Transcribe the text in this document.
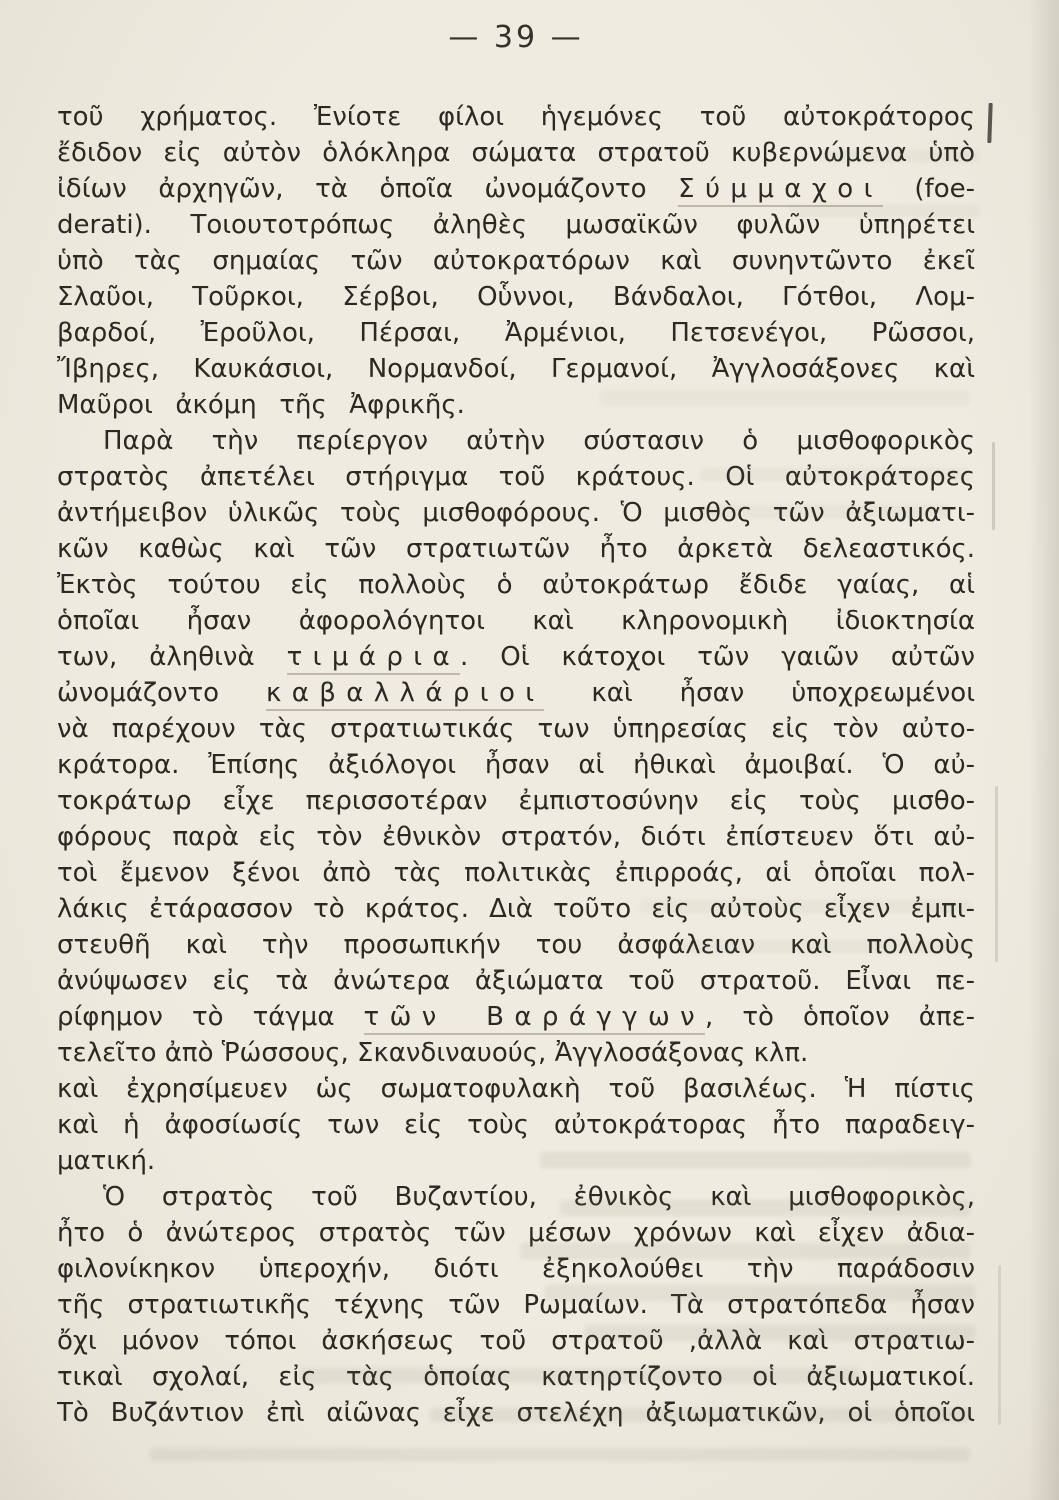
— 39 —
τοῦ χρήματος. Ἐνίοτε φίλοι ἡγεμόνες τοῦ αὐτοκράτορος
ἔδιδον εἰς αὐτὸν ὁλόκληρα σώματα στρατοῦ κυβερνώμενα ὑπὸ
ἰδίων ἀρχηγῶν, τὰ ὁποῖα ὠνομάζοντο Σύμμαχοι (foe-
derati). Τοιουτοτρόπως ἀληθὲς μωσαϊκῶν φυλῶν ὑπηρέτει
ὑπὸ τὰς σημαίας τῶν αὐτοκρατόρων καὶ συνηντῶντο ἐκεῖ
Σλαῦοι, Τοῦρκοι, Σέρβοι, Οὗννοι, Βάνδαλοι, Γότθοι, Λομ-
βαρδοί, Ἐροῦλοι, Πέρσαι, Ἀρμένιοι, Πετσενέγοι, Ρῶσσοι,
Ἴβηρες, Καυκάσιοι, Νορμανδοί, Γερμανοί, Ἀγγλοσάξονες καὶ
Μαῦροι ἀκόμη τῆς Ἀφρικῆς.
Παρὰ τὴν περίεργον αὐτὴν σύστασιν ὁ μισθοφορικὸς
στρατὸς ἀπετέλει στήριγμα τοῦ κράτους. Οἱ αὐτοκράτορες
ἀντήμειβον ὑλικῶς τοὺς μισθοφόρους. Ὁ μισθὸς τῶν ἀξιωματι-
κῶν καθὼς καὶ τῶν στρατιωτῶν ἦτο ἀρκετὰ δελεαστικός.
Ἐκτὸς τούτου εἰς πολλοὺς ὁ αὐτοκράτωρ ἔδιδε γαίας, αἱ
ὁποῖαι ἦσαν ἀφορολόγητοι καὶ κληρονομικὴ ἰδιοκτησία
των, ἀληθινὰ τιμάρια. Οἱ κάτοχοι τῶν γαιῶν αὐτῶν
ὠνομάζοντο καβαλλάριοι καὶ ἦσαν ὑποχρεωμένοι
νὰ παρέχουν τὰς στρατιωτικάς των ὑπηρεσίας εἰς τὸν αὐτο-
κράτορα. Ἐπίσης ἀξιόλογοι ἦσαν αἱ ἠθικαὶ ἀμοιβαί. Ὁ αὐ-
τοκράτωρ εἶχε περισσοτέραν ἐμπιστοσύνην εἰς τοὺς μισθο-
φόρους παρὰ εἰς τὸν ἐθνικὸν στρατόν, διότι ἐπίστευεν ὅτι αὐ-
τοὶ ἔμενον ξένοι ἀπὸ τὰς πολιτικὰς ἐπιρροάς, αἱ ὁποῖαι πολ-
λάκις ἐτάρασσον τὸ κράτος. Διὰ τοῦτο εἰς αὐτοὺς εἶχεν ἐμπι-
στευθῆ καὶ τὴν προσωπικήν του ἀσφάλειαν καὶ πολλοὺς
ἀνύψωσεν εἰς τὰ ἀνώτερα ἀξιώματα τοῦ στρατοῦ. Εἶναι πε-
ρίφημον τὸ τάγμα τῶν Βαράγγων, τὸ ὁποῖον ἀπε-
τελεῖτο ἀπὸ Ῥώσσους, Σκανδιναυούς, Ἀγγλοσάξονας κλπ.
καὶ ἐχρησίμευεν ὡς σωματοφυλακὴ τοῦ βασιλέως. Ἡ πίστις
καὶ ἡ ἀφοσίωσίς των εἰς τοὺς αὐτοκράτορας ἦτο παραδειγ-
ματική.
Ὁ στρατὸς τοῦ Βυζαντίου, ἐθνικὸς καὶ μισθοφορικὸς,
ἦτο ὁ ἀνώτερος στρατὸς τῶν μέσων χρόνων καὶ εἶχεν ἀδια-
φιλονίκηκον ὑπεροχήν, διότι ἐξηκολούθει τὴν παράδοσιν
τῆς στρατιωτικῆς τέχνης τῶν Ρωμαίων. Τὰ στρατόπεδα ἦσαν
ὄχι μόνον τόποι ἀσκήσεως τοῦ στρατοῦ ,ἀλλὰ καὶ στρατιω-
τικαὶ σχολαί, εἰς τὰς ὁποίας κατηρτίζοντο οἱ ἀξιωματικοί.
Τὸ Βυζάντιον ἐπὶ αἰῶνας εἶχε στελέχη ἀξιωματικῶν, οἱ ὁποῖοι
